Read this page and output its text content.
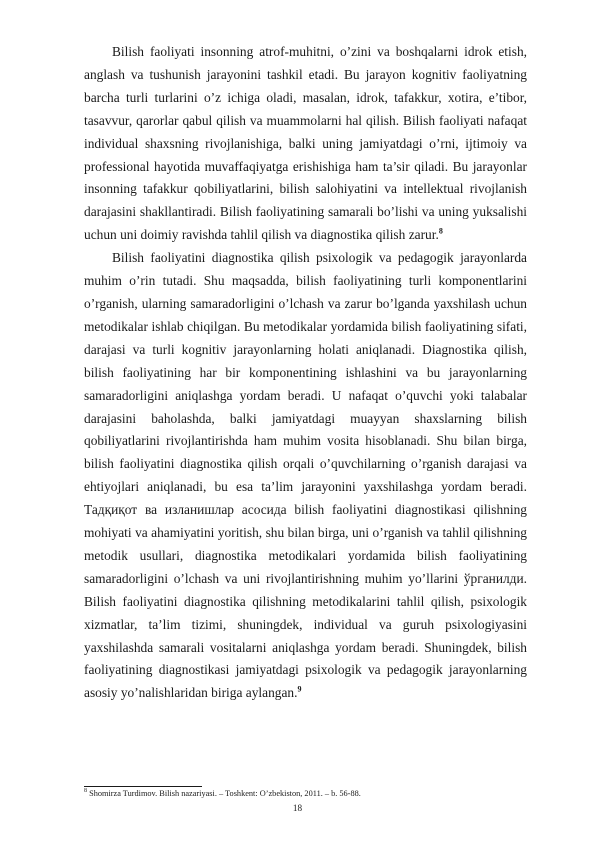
Bilish faoliyati insonning atrof-muhitni, o’zini va boshqalarni idrok etish, anglash va tushunish jarayonini tashkil etadi. Bu jarayon kognitiv faoliyatning barcha turli turlarini o’z ichiga oladi, masalan, idrok, tafakkur, xotira, e’tibor, tasavvur, qarorlar qabul qilish va muammolarni hal qilish. Bilish faoliyati nafaqat individual shaxsning rivojlanishiga, balki uning jamiyatdagi o’rni, ijtimoiy va professional hayotida muvaffaqiyatga erishishiga ham ta’sir qiladi. Bu jarayonlar insonning tafakkur qobiliyatlarini, bilish salohiyatini va intellektual rivojlanish darajasini shakllantiradi. Bilish faoliyatining samarali bo’lishi va uning yuksalishi uchun uni doimiy ravishda tahlil qilish va diagnostika qilish zarur.$^8$

Bilish faoliyatini diagnostika qilish psixologik va pedagogik jarayonlarda muhim o’rin tutadi. Shu maqsadda, bilish faoliyatining turli komponentlarini o’rganish, ularning samaradorligini o’lchash va zarur bo’lganda yaxshilash uchun metodikalar ishlab chiqilgan. Bu metodikalar yordamida bilish faoliyatining sifati, darajasi va turli kognitiv jarayonlarning holati aniqlanadi. Diagnostika qilish, bilish faoliyatining har bir komponentining ishlashini va bu jarayonlarning samaradorligini aniqlashga yordam beradi. U nafaqat o’quvchi yoki talabalar darajasini baholashda, balki jamiyatdagi muayyan shaxslarning bilish qobiliyatlarini rivojlantirishda ham muhim vosita hisoblanadi. Shu bilan birga, bilish faoliyatini diagnostika qilish orqali o’quvchilarning o’rganish darajasi va ehtiyojlari aniqlanadi, bu esa ta’lim jarayonini yaxshilashga yordam beradi. Тадқиқот ва изланишлар асосида bilish faoliyatini diagnostikasi qilishning mohiyati va ahamiyatini yoritish, shu bilan birga, uni o’rganish va tahlil qilishning metodik usullari, diagnostika metodikalari yordamida bilish faoliyatining samaradorligini o’lchash va uni rivojlantirishning muhim yo’llarini ўрганилди. Bilish faoliyatini diagnostika qilishning metodikalarini tahlil qilish, psixologik xizmatlar, ta’lim tizimi, shuningdek, individual va guruh psixologiyasini yaxshilashda samarali vositalarni aniqlashga yordam beradi. Shuningdek, bilish faoliyatining diagnostikasi jamiyatdagi psixologik va pedagogik jarayonlarning asosiy yo’nalishlaridan biriga aylangan.$^9$

$^8$ Shomirza Turdimov. Bilish nazariyasi. – Toshkent: O’zbekiston, 2011. – b. 56-88.

18
